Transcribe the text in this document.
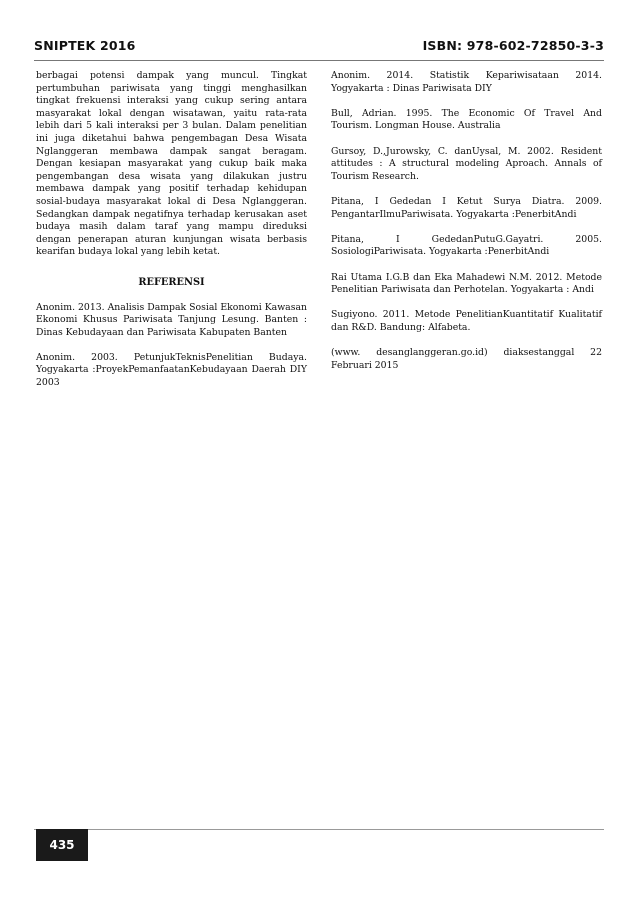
SNIPTEK 2016	ISBN: 978-602-72850-3-3

berbagai potensi dampak yang muncul. Tingkat pertumbuhan pariwisata yang tinggi menghasilkan tingkat frekuensi interaksi yang cukup sering antara masyarakat lokal dengan wisatawan, yaitu rata-rata lebih dari 5 kali interaksi per 3 bulan. Dalam penelitian ini juga diketahui bahwa pengembagan Desa Wisata Nglanggeran membawa dampak sangat beragam. Dengan kesiapan masyarakat yang cukup baik maka pengembangan desa wisata yang dilakukan justru membawa dampak yang positif terhadap kehidupan sosial-budaya masyarakat lokal di Desa Nglanggeran. Sedangkan dampak negatifnya terhadap kerusakan aset budaya masih dalam taraf yang mampu direduksi dengan penerapan aturan kunjungan wisata berbasis kearifan budaya lokal yang lebih ketat.

REFERENSI

Anonim. 2013. Analisis Dampak Sosial Ekonomi Kawasan Ekonomi Khusus Pariwisata Tanjung Lesung. Banten : Dinas Kebudayaan dan Pariwisata Kabupaten Banten

Anonim. 2003. PetunjukTeknisPenelitian Budaya. Yogyakarta :ProyekPemanfaatanKebudayaan Daerah DIY 2003

Anonim. 2014. Statistik Kepariwisataan 2014. Yogyakarta : Dinas Pariwisata DIY

Bull, Adrian. 1995. The Economic Of Travel And Tourism. Longman House. Australia

Gursoy, D.,Jurowsky, C. danUysal, M. 2002. Resident attitudes : A structural modeling Aproach. Annals of Tourism Research.

Pitana, I Gededan I Ketut Surya Diatra. 2009. PengantarIlmuPariwisata. Yogyakarta :PenerbitAndi

Pitana, I GededanPutuG.Gayatri. 2005. SosiologiPariwisata. Yogyakarta :PenerbitAndi

Rai Utama I.G.B dan Eka Mahadewi N.M. 2012. Metode Penelitian Pariwisata dan Perhotelan. Yogyakarta : Andi

Sugiyono. 2011. Metode PenelitianKuantitatif Kualitatif dan R&D. Bandung: Alfabeta.

(www. desanglanggeran.go.id) diaksestanggal 22 Februari 2015

435
